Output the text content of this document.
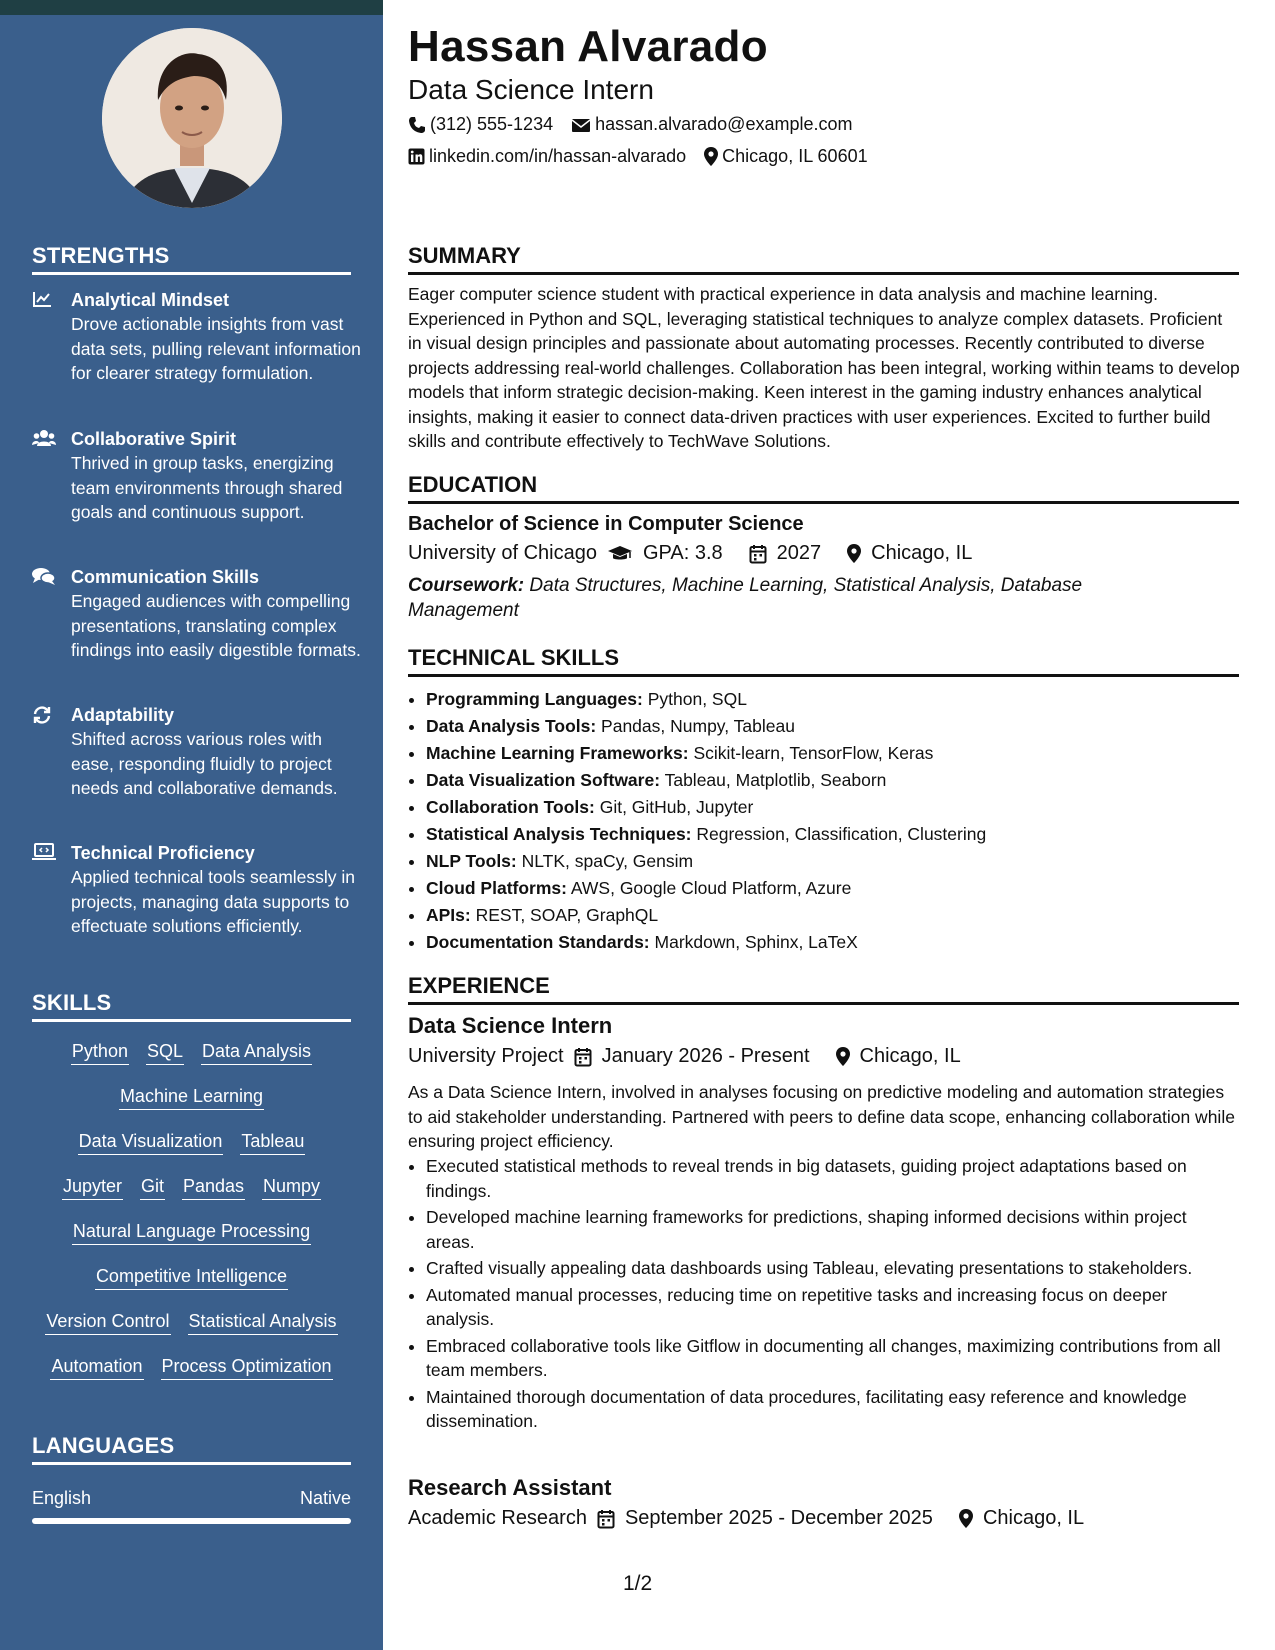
STRENGTHS
Analytical Mindset
Drove actionable insights from vast data sets, pulling relevant information for clearer strategy formulation.
Collaborative Spirit
Thrived in group tasks, energizing team environments through shared goals and continuous support.
Communication Skills
Engaged audiences with compelling presentations, translating complex findings into easily digestible formats.
Adaptability
Shifted across various roles with ease, responding fluidly to project needs and collaborative demands.
Technical Proficiency
Applied technical tools seamlessly in projects, managing data supports to effectuate solutions efficiently.
SKILLS
Python SQL Data Analysis
Machine Learning
Data Visualization Tableau
Jupyter Git Pandas Numpy
Natural Language Processing
Competitive Intelligence
Version Control Statistical Analysis
Automation Process Optimization
LANGUAGES
English	Native
Hassan Alvarado
Data Science Intern
(312) 555-1234 hassan.alvarado@example.com
linkedin.com/in/hassan-alvarado Chicago, IL 60601
SUMMARY
Eager computer science student with practical experience in data analysis and machine learning. Experienced in Python and SQL, leveraging statistical techniques to analyze complex datasets. Proficient in visual design principles and passionate about automating processes. Recently contributed to diverse projects addressing real-world challenges. Collaboration has been integral, working within teams to develop models that inform strategic decision-making. Keen interest in the gaming industry enhances analytical insights, making it easier to connect data-driven practices with user experiences. Excited to further build skills and contribute effectively to TechWave Solutions.
EDUCATION
Bachelor of Science in Computer Science
University of Chicago GPA: 3.8	2027	Chicago, IL
Coursework: Data Structures, Machine Learning, Statistical Analysis, Database Management
TECHNICAL SKILLS
• Programming Languages: Python, SQL
• Data Analysis Tools: Pandas, Numpy, Tableau
• Machine Learning Frameworks: Scikit-learn, TensorFlow, Keras
• Data Visualization Software: Tableau, Matplotlib, Seaborn
• Collaboration Tools: Git, GitHub, Jupyter
• Statistical Analysis Techniques: Regression, Classification, Clustering
• NLP Tools: NLTK, spaCy, Gensim
• Cloud Platforms: AWS, Google Cloud Platform, Azure
• APIs: REST, SOAP, GraphQL
• Documentation Standards: Markdown, Sphinx, LaTeX
EXPERIENCE
Data Science Intern
University Project January 2026 - Present	Chicago, IL
As a Data Science Intern, involved in analyses focusing on predictive modeling and automation strategies to aid stakeholder understanding. Partnered with peers to define data scope, enhancing collaboration while ensuring project efficiency.
• Executed statistical methods to reveal trends in big datasets, guiding project adaptations based on findings.
• Developed machine learning frameworks for predictions, shaping informed decisions within project areas.
• Crafted visually appealing data dashboards using Tableau, elevating presentations to stakeholders.
• Automated manual processes, reducing time on repetitive tasks and increasing focus on deeper analysis.
• Embraced collaborative tools like Gitflow in documenting all changes, maximizing contributions from all team members.
• Maintained thorough documentation of data procedures, facilitating easy reference and knowledge dissemination.
Research Assistant
Academic Research September 2025 - December 2025	Chicago, IL
1/2
